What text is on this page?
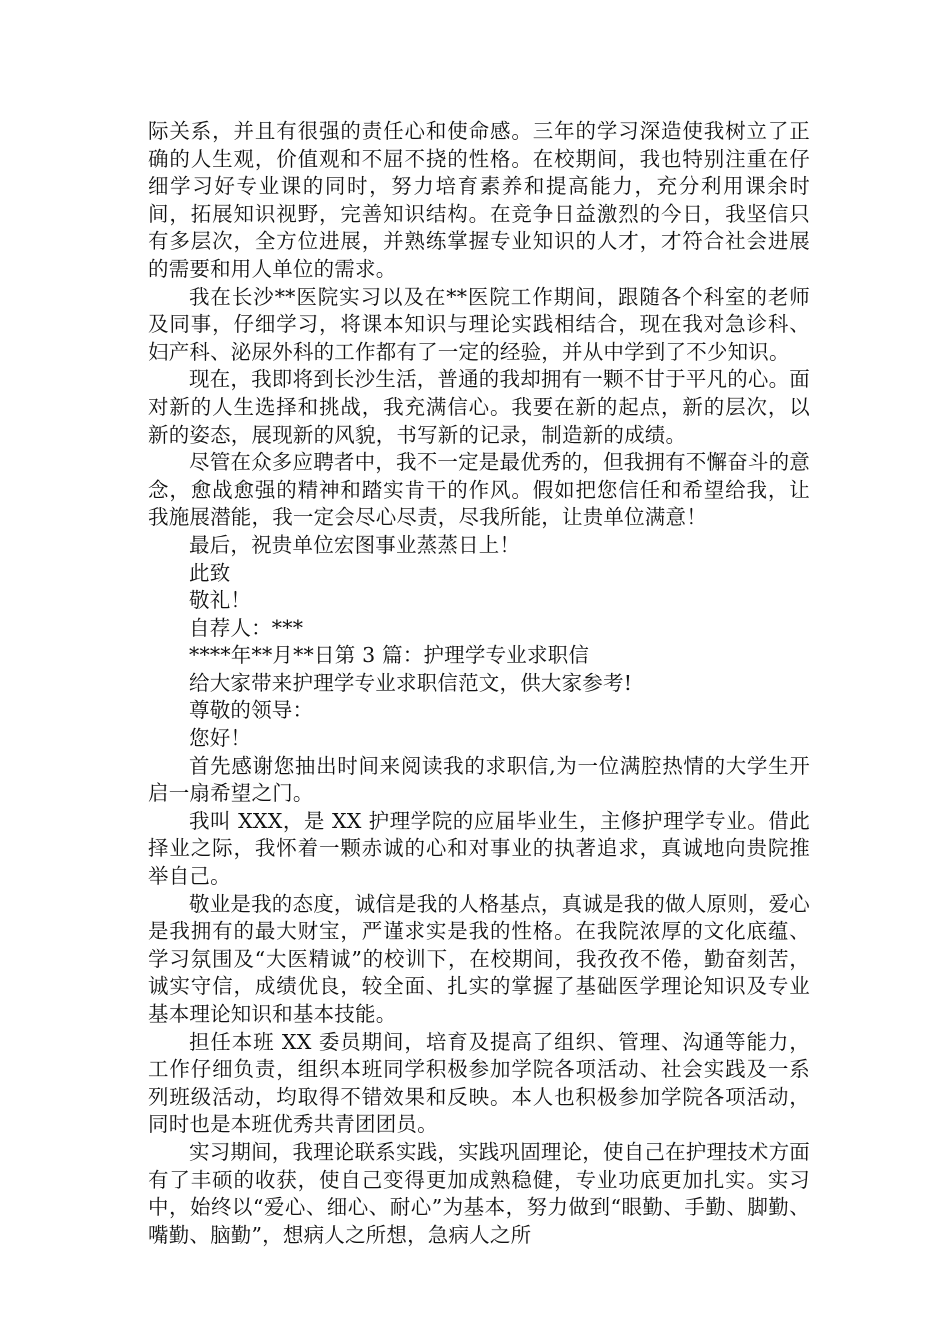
际关系，并且有很强的责任心和使命感。三年的学习深造使我树立了正确的人生观，价值观和不屈不挠的性格。在校期间，我也特别注重在仔细学习好专业课的同时，努力培育素养和提高能力，充分利用课余时间，拓展知识视野，完善知识结构。在竞争日益激烈的今日，我坚信只有多层次，全方位进展，并熟练掌握专业知识的人才，才符合社会进展的需要和用人单位的需求。

我在长沙**医院实习以及在**医院工作期间，跟随各个科室的老师及同事，仔细学习，将课本知识与理论实践相结合，现在我对急诊科、妇产科、泌尿外科的工作都有了一定的经验，并从中学到了不少知识。

现在，我即将到长沙生活，普通的我却拥有一颗不甘于平凡的心。面对新的人生选择和挑战，我充满信心。我要在新的起点，新的层次，以新的姿态，展现新的风貌，书写新的记录，制造新的成绩。

尽管在众多应聘者中，我不一定是最优秀的，但我拥有不懈奋斗的意念，愈战愈强的精神和踏实肯干的作风。假如把您信任和希望给我，让我施展潜能，我一定会尽心尽责，尽我所能，让贵单位满意！

最后，祝贵单位宏图事业蒸蒸日上！

此致

敬礼！

自荐人：***

****年**月**日第 3 篇：护理学专业求职信

给大家带来护理学专业求职信范文，供大家参考!

尊敬的领导：

您好！

首先感谢您抽出时间来阅读我的求职信,为一位满腔热情的大学生开启一扇希望之门。

我叫 XXX，是 XX 护理学院的应届毕业生，主修护理学专业。借此择业之际，我怀着一颗赤诚的心和对事业的执著追求，真诚地向贵院推举自己。

敬业是我的态度，诚信是我的人格基点，真诚是我的做人原则，爱心是我拥有的最大财宝，严谨求实是我的性格。在我院浓厚的文化底蕴、学习氛围及“大医精诚”的校训下，在校期间，我孜孜不倦，勤奋刻苦，诚实守信，成绩优良，较全面、扎实的掌握了基础医学理论知识及专业基本理论知识和基本技能。

担任本班 XX 委员期间，培育及提高了组织、管理、沟通等能力，工作仔细负责，组织本班同学积极参加学院各项活动、社会实践及一系列班级活动，均取得不错效果和反映。本人也积极参加学院各项活动，同时也是本班优秀共青团团员。

实习期间，我理论联系实践，实践巩固理论，使自己在护理技术方面有了丰硕的收获，使自己变得更加成熟稳健，专业功底更加扎实。实习中，始终以“爱心、细心、耐心”为基本，努力做到“眼勤、手勤、脚勤、嘴勤、脑勤”，想病人之所想，急病人之所
